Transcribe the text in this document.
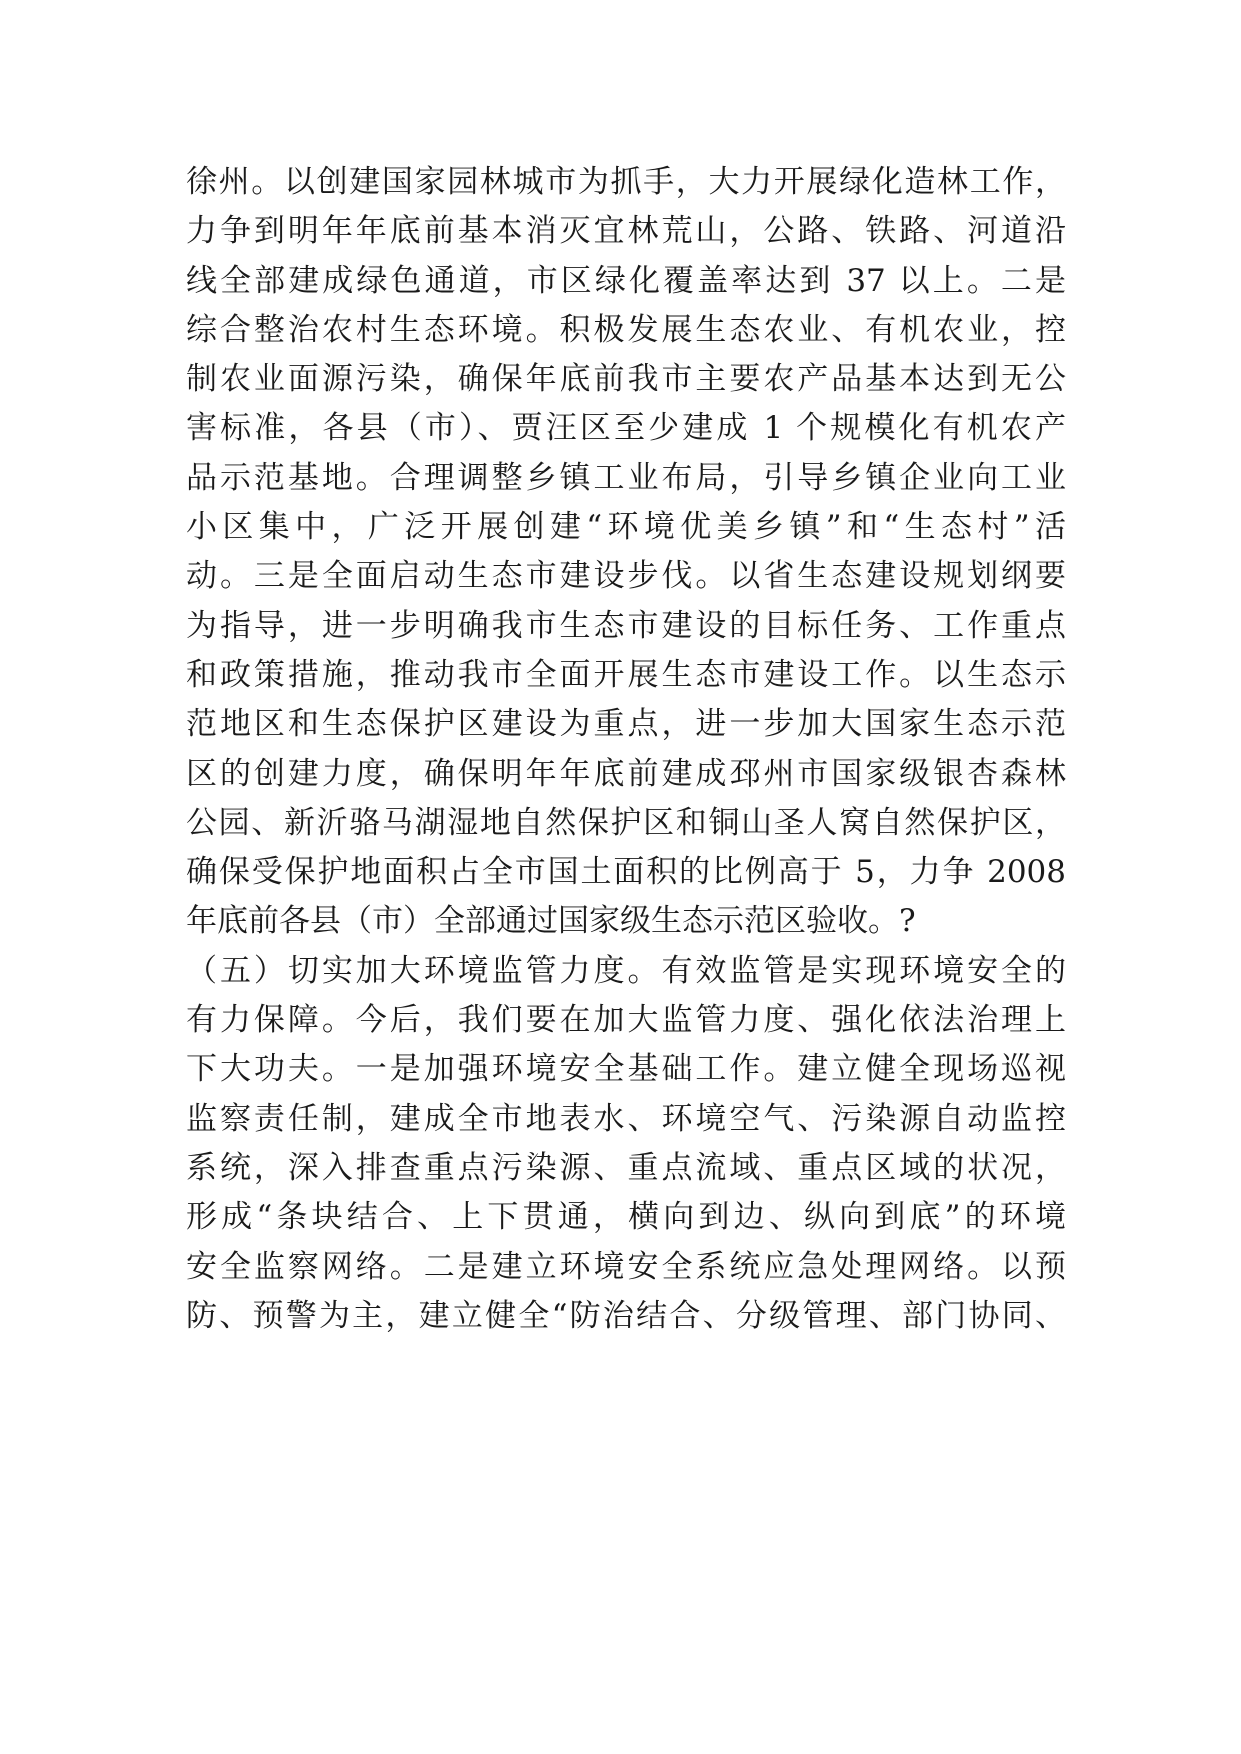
徐州。以创建国家园林城市为抓手，大力开展绿化造林工作，
力争到明年年底前基本消灭宜林荒山，公路、铁路、河道沿
线全部建成绿色通道，市区绿化覆盖率达到 37 以上。二是
综合整治农村生态环境。积极发展生态农业、有机农业，控
制农业面源污染，确保年底前我市主要农产品基本达到无公
害标准，各县（市）、贾汪区至少建成 1 个规模化有机农产
品示范基地。合理调整乡镇工业布局，引导乡镇企业向工业
小区集中，广泛开展创建“环境优美乡镇”和“生态村”活
动。三是全面启动生态市建设步伐。以省生态建设规划纲要
为指导，进一步明确我市生态市建设的目标任务、工作重点
和政策措施，推动我市全面开展生态市建设工作。以生态示
范地区和生态保护区建设为重点，进一步加大国家生态示范
区的创建力度，确保明年年底前建成邳州市国家级银杏森林
公园、新沂骆马湖湿地自然保护区和铜山圣人窝自然保护区，
确保受保护地面积占全市国土面积的比例高于 5，力争 2008
年底前各县（市）全部通过国家级生态示范区验收。?
（五）切实加大环境监管力度。有效监管是实现环境安全的
有力保障。今后，我们要在加大监管力度、强化依法治理上
下大功夫。一是加强环境安全基础工作。建立健全现场巡视
监察责任制，建成全市地表水、环境空气、污染源自动监控
系统，深入排查重点污染源、重点流域、重点区域的状况，
形成“条块结合、上下贯通，横向到边、纵向到底”的环境
安全监察网络。二是建立环境安全系统应急处理网络。以预
防、预警为主，建立健全“防治结合、分级管理、部门协同、
